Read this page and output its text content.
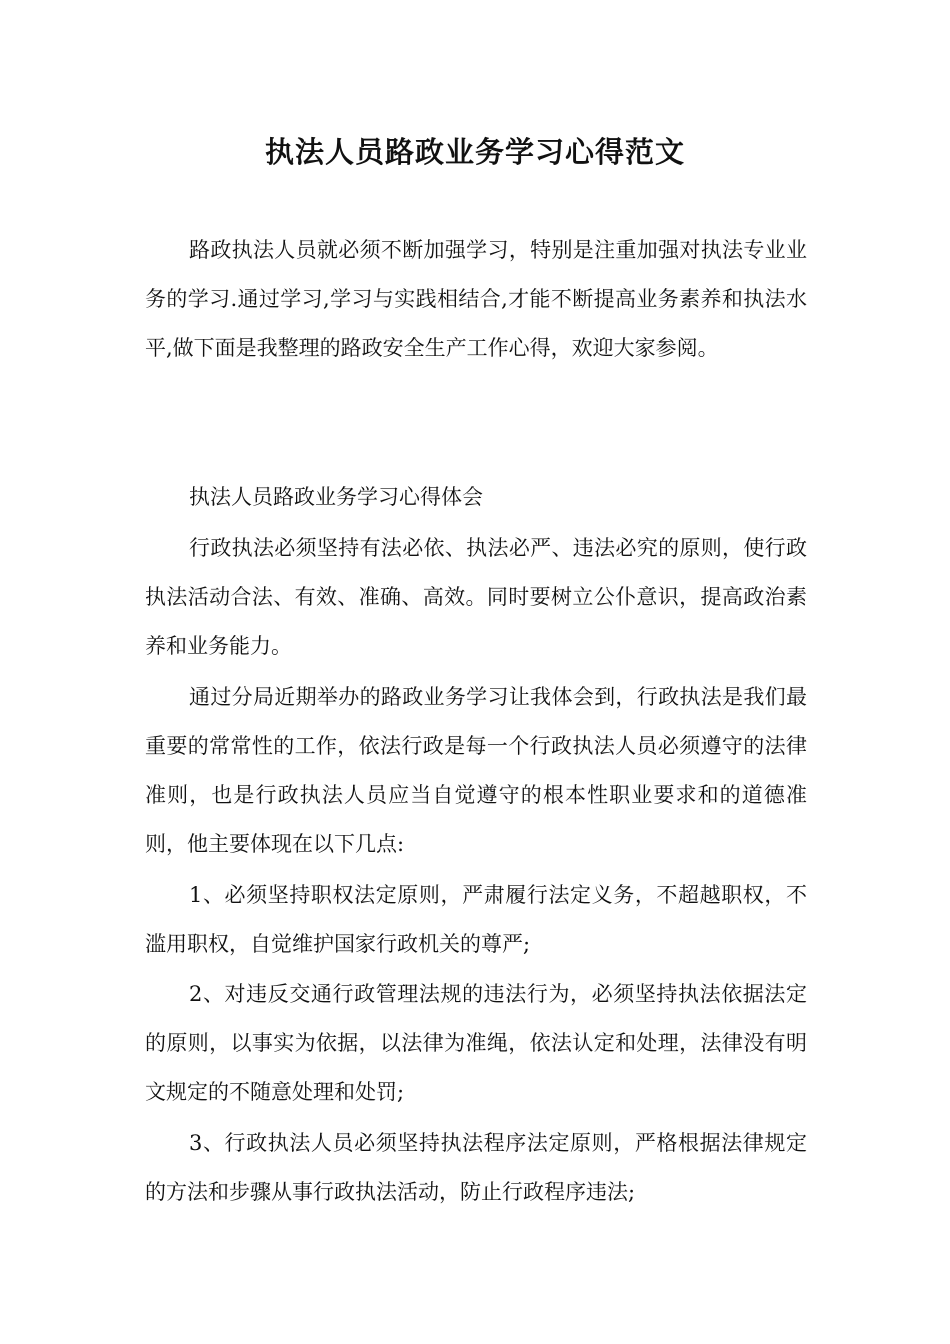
执法人员路政业务学习心得范文

路政执法人员就必须不断加强学习，特别是注重加强对执法专业业务的学习.通过学习,学习与实践相结合,才能不断提高业务素养和执法水平,做下面是我整理的路政安全生产工作心得，欢迎大家参阅。

执法人员路政业务学习心得体会

行政执法必须坚持有法必依、执法必严、违法必究的原则，使行政执法活动合法、有效、准确、高效。同时要树立公仆意识，提高政治素养和业务能力。

通过分局近期举办的路政业务学习让我体会到，行政执法是我们最重要的常常性的工作，依法行政是每一个行政执法人员必须遵守的法律准则，也是行政执法人员应当自觉遵守的根本性职业要求和的道德准则，他主要体现在以下几点:

1、必须坚持职权法定原则，严肃履行法定义务，不超越职权，不滥用职权，自觉维护国家行政机关的尊严;

2、对违反交通行政管理法规的违法行为，必须坚持执法依据法定的原则，以事实为依据，以法律为准绳，依法认定和处理，法律没有明文规定的不随意处理和处罚;

3、行政执法人员必须坚持执法程序法定原则，严格根据法律规定的方法和步骤从事行政执法活动，防止行政程序违法;
